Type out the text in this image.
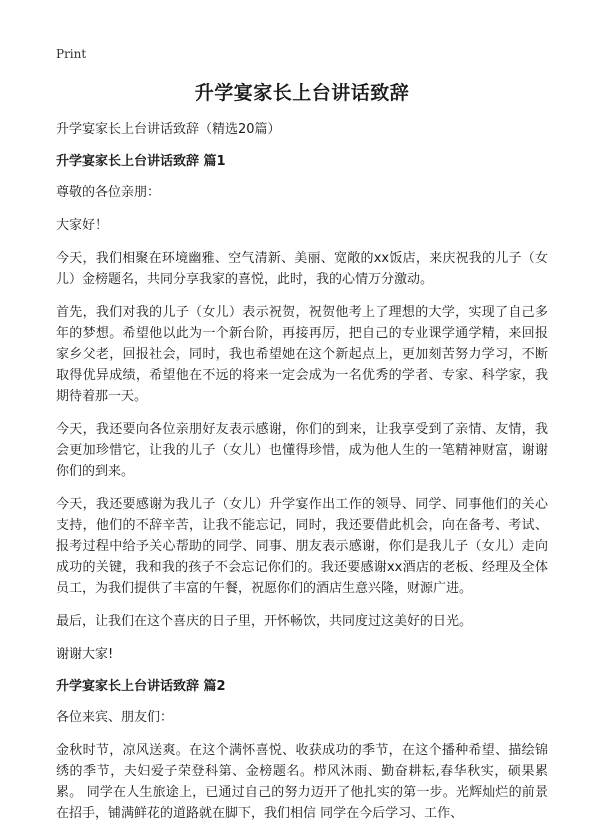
Print
升学宴家长上台讲话致辞

升学宴家长上台讲话致辞（精选20篇）

升学宴家长上台讲话致辞 篇1

尊敬的各位亲朋：

大家好！

今天，我们相聚在环境幽雅、空气清新、美丽、宽敞的xx饭店，来庆祝我的儿子（女儿）金榜题名，共同分享我家的喜悦，此时，我的心情万分激动。

首先，我们对我的儿子（女儿）表示祝贺，祝贺他考上了理想的大学，实现了自己多年的梦想。希望他以此为一个新台阶，再接再厉，把自己的专业课学通学精，来回报家乡父老，回报社会，同时，我也希望她在这个新起点上，更加刻苦努力学习，不断取得优异成绩，希望他在不远的将来一定会成为一名优秀的学者、专家、科学家，我期待着那一天。

今天，我还要向各位亲朋好友表示感谢，你们的到来，让我享受到了亲情、友情，我会更加珍惜它，让我的儿子（女儿）也懂得珍惜，成为他人生的一笔精神财富，谢谢你们的到来。

今天，我还要感谢为我儿子（女儿）升学宴作出工作的领导、同学、同事他们的关心支持，他们的不辞辛苦，让我不能忘记，同时，我还要借此机会，向在备考、考试、报考过程中给予关心帮助的同学、同事、朋友表示感谢，你们是我儿子（女儿）走向成功的关键，我和我的孩子不会忘记你们的。我还要感谢xx酒店的老板、经理及全体员工，为我们提供了丰富的午餐，祝愿你们的酒店生意兴隆，财源广进。

最后，让我们在这个喜庆的日子里，开怀畅饮，共同度过这美好的日光。

谢谢大家!

升学宴家长上台讲话致辞 篇2

各位来宾、朋友们：

金秋时节，凉风送爽。在这个满怀喜悦、收获成功的季节，在这个播种希望、描绘锦绣的季节，夫妇爱子荣登科第、金榜题名。栉风沐雨、勤奋耕耘,春华秋实，硕果累累。 同学在人生旅途上，已通过自己的努力迈开了他扎实的第一步。光辉灿烂的前景在招手，铺满鲜花的道路就在脚下，我们相信 同学在今后学习、工作、
